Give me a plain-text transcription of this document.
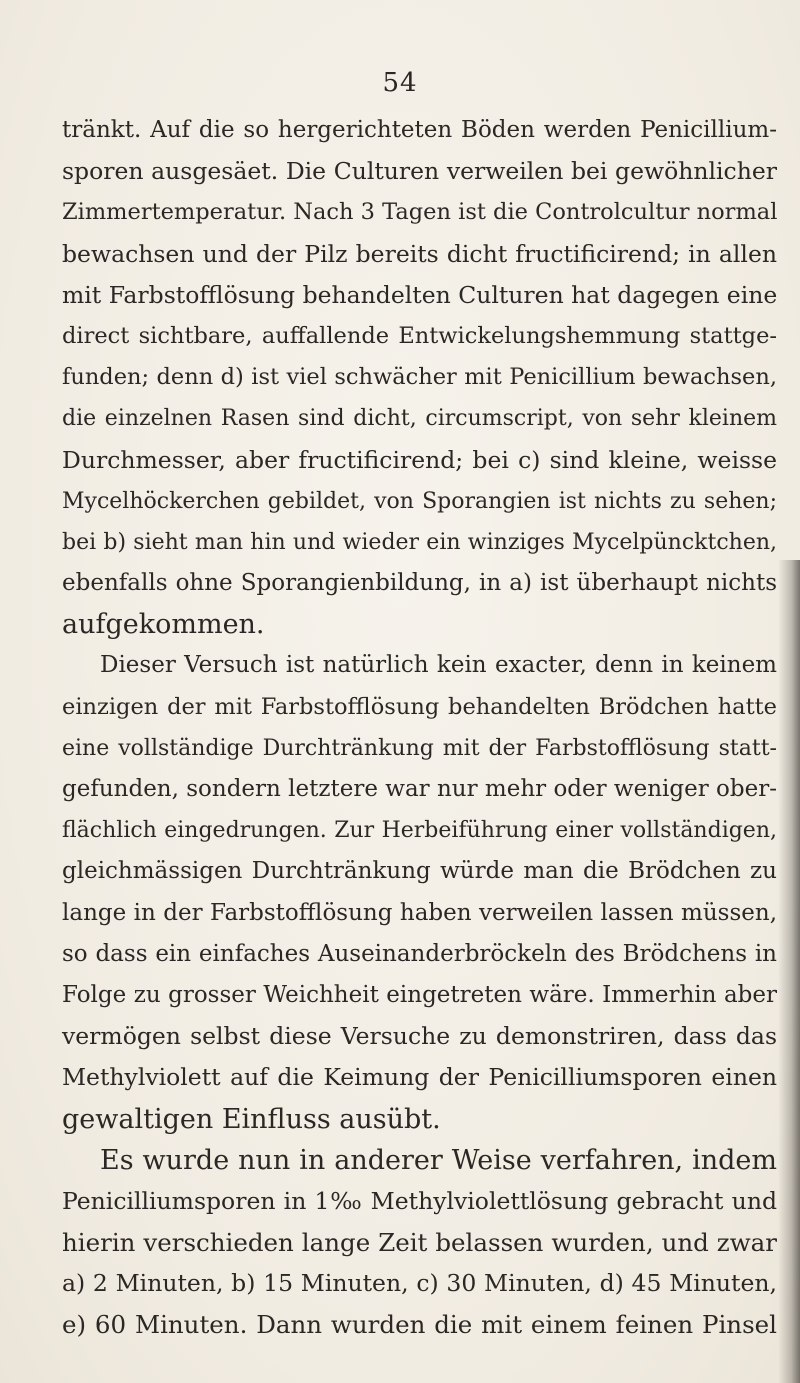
54
tränkt. Auf die so hergerichteten Böden werden Penicillium-
sporen ausgesäet. Die Culturen verweilen bei gewöhnlicher
Zimmertemperatur. Nach 3 Tagen ist die Controlcultur normal
bewachsen und der Pilz bereits dicht fructificirend; in allen
mit Farbstofflösung behandelten Culturen hat dagegen eine
direct sichtbare, auffallende Entwickelungshemmung stattge-
funden; denn d) ist viel schwächer mit Penicillium bewachsen,
die einzelnen Rasen sind dicht, circumscript, von sehr kleinem
Durchmesser, aber fructificirend; bei c) sind kleine, weisse
Mycelhöckerchen gebildet, von Sporangien ist nichts zu sehen;
bei b) sieht man hin und wieder ein winziges Mycelpüncktchen,
ebenfalls ohne Sporangienbildung, in a) ist überhaupt nichts
aufgekommen.
Dieser Versuch ist natürlich kein exacter, denn in keinem
einzigen der mit Farbstofflösung behandelten Brödchen hatte
eine vollständige Durchtränkung mit der Farbstofflösung statt-
gefunden, sondern letztere war nur mehr oder weniger ober-
flächlich eingedrungen. Zur Herbeiführung einer vollständigen,
gleichmässigen Durchtränkung würde man die Brödchen zu
lange in der Farbstofflösung haben verweilen lassen müssen,
so dass ein einfaches Auseinanderbröckeln des Brödchens in
Folge zu grosser Weichheit eingetreten wäre. Immerhin aber
vermögen selbst diese Versuche zu demonstriren, dass das
Methylviolett auf die Keimung der Penicilliumsporen einen
gewaltigen Einfluss ausübt.
Es wurde nun in anderer Weise verfahren, indem
Penicilliumsporen in 1‰ Methylviolettlösung gebracht und
hierin verschieden lange Zeit belassen wurden, und zwar
a) 2 Minuten, b) 15 Minuten, c) 30 Minuten, d) 45 Minuten,
e) 60 Minuten. Dann wurden die mit einem feinen Pinsel
